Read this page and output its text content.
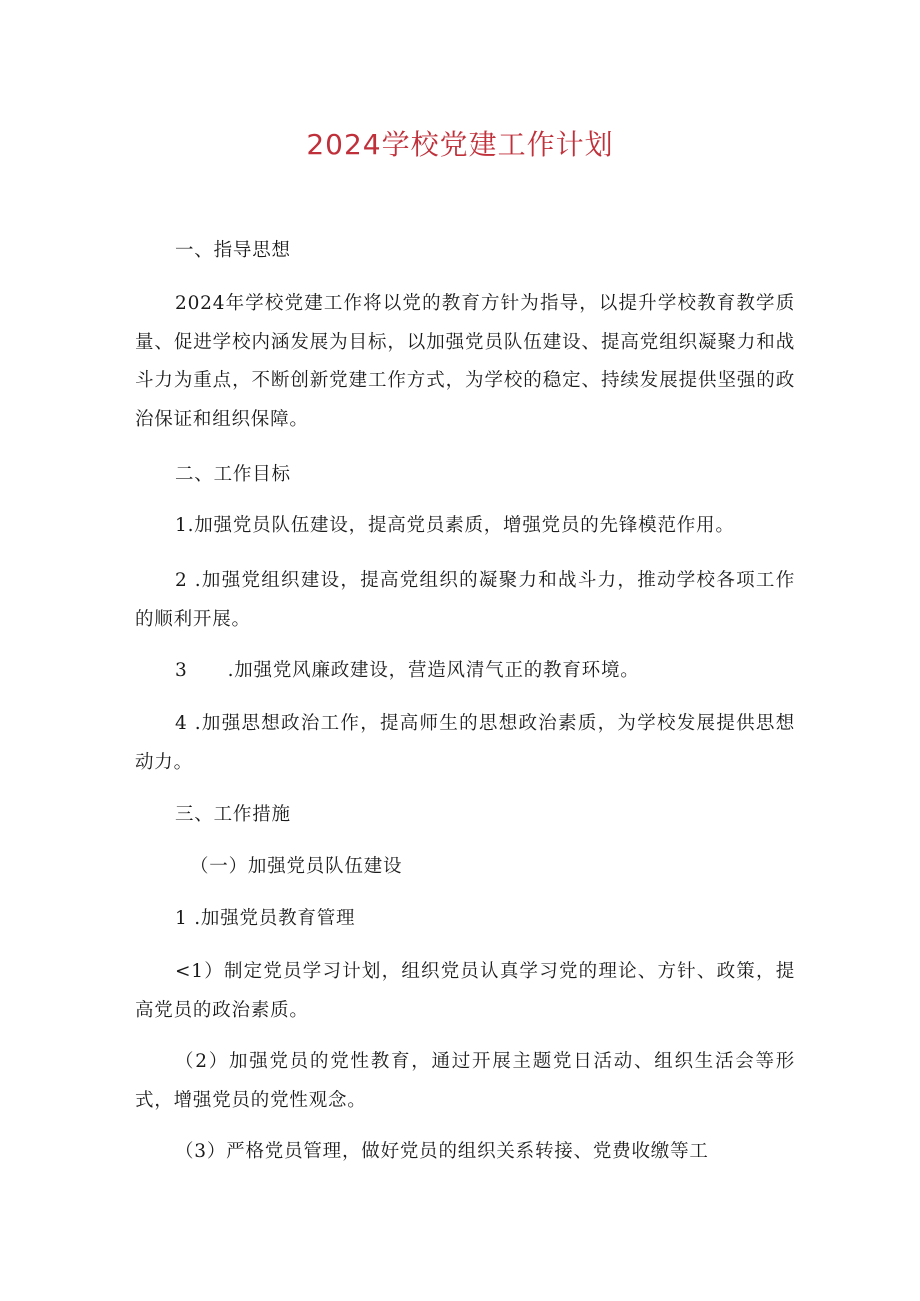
2024学校党建工作计划
一、指导思想
2024年学校党建工作将以党的教育方针为指导，以提升学校教育教学质量、促进学校内涵发展为目标，以加强党员队伍建设、提高党组织凝聚力和战斗力为重点，不断创新党建工作方式，为学校的稳定、持续发展提供坚强的政治保证和组织保障。
二、工作目标
1.加强党员队伍建设，提高党员素质，增强党员的先锋模范作用。
2 .加强党组织建设，提高党组织的凝聚力和战斗力，推动学校各项工作的顺利开展。
3 .加强党风廉政建设，营造风清气正的教育环境。
4 .加强思想政治工作，提高师生的思想政治素质，为学校发展提供思想动力。
三、工作措施
（一）加强党员队伍建设
1 .加强党员教育管理
<1）制定党员学习计划，组织党员认真学习党的理论、方针、政策，提高党员的政治素质。
（2）加强党员的党性教育，通过开展主题党日活动、组织生活会等形式，增强党员的党性观念。
（3）严格党员管理，做好党员的组织关系转接、党费收缴等工
